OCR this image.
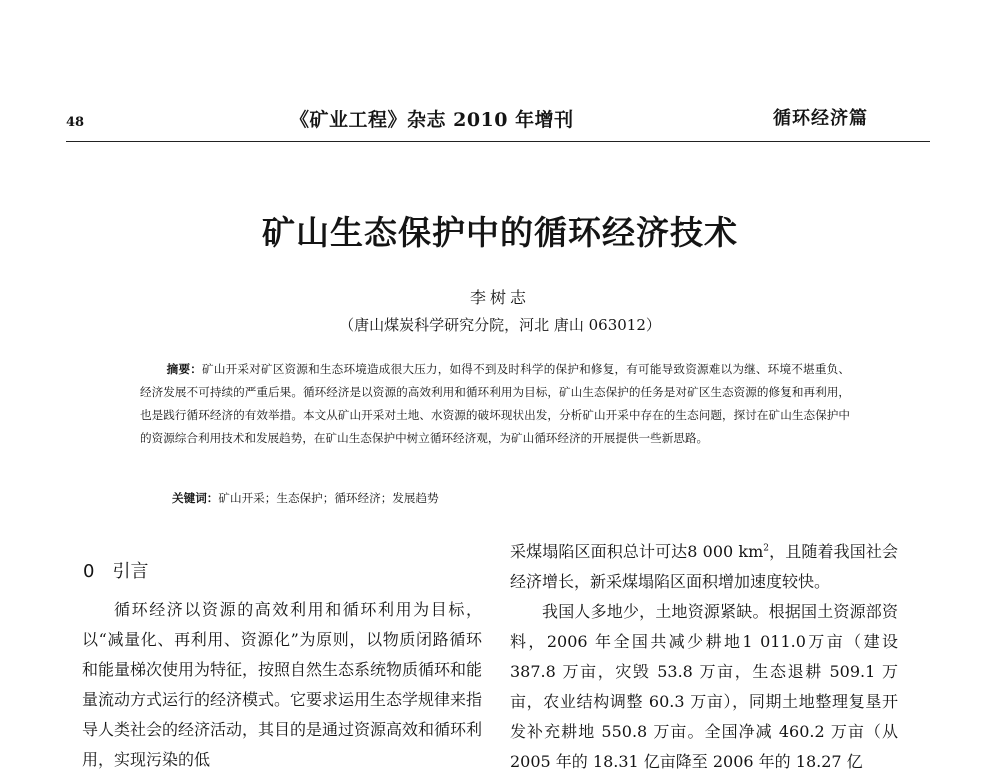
48	《矿业工程》杂志 2010 年增刊	循环经济篇
矿山生态保护中的循环经济技术
李树志
（唐山煤炭科学研究分院，河北 唐山 063012）

摘要：矿山开采对矿区资源和生态环境造成很大压力，如得不到及时科学的保护和修复，有可能导致资源难以为继、环境不堪重负、经济发展不可持续的严重后果。循环经济是以资源的高效利用和循环利用为目标，矿山生态保护的任务是对矿区生态资源的修复和再利用，也是践行循环经济的有效举措。本文从矿山开采对土地、水资源的破坏现状出发，分析矿山开采中存在的生态问题，探讨在矿山生态保护中的资源综合利用技术和发展趋势，在矿山生态保护中树立循环经济观，为矿山循环经济的开展提供一些新思路。

关键词：矿山开采；生态保护；循环经济；发展趋势
0 引言

循环经济以资源的高效利用和循环利用为目标，以“减量化、再利用、资源化”为原则，以物质闭路循环和能量梯次使用为特征，按照自然生态系统物质循环和能量流动方式运行的经济模式。它要求运用生态学规律来指导人类社会的经济活动，其目的是通过资源高效和循环利用，实现污染的低

采煤塌陷区面积总计可达8 000 $km^2$，且随着我国社会经济增长，新采煤塌陷区面积增加速度较快。

我国人多地少，土地资源紧缺。根据国土资源部资料，2006 年全国共减少耕地1 011.0万亩（建设 387.8 万亩，灾毁 53.8 万亩，生态退耕 509.1 万亩，农业结构调整 60.3 万亩），同期土地整理复垦开发补充耕地 550.8 万亩。全国净减 460.2 万亩（从 2005 年的 18.31 亿亩降至 2006 年的 18.27 亿
